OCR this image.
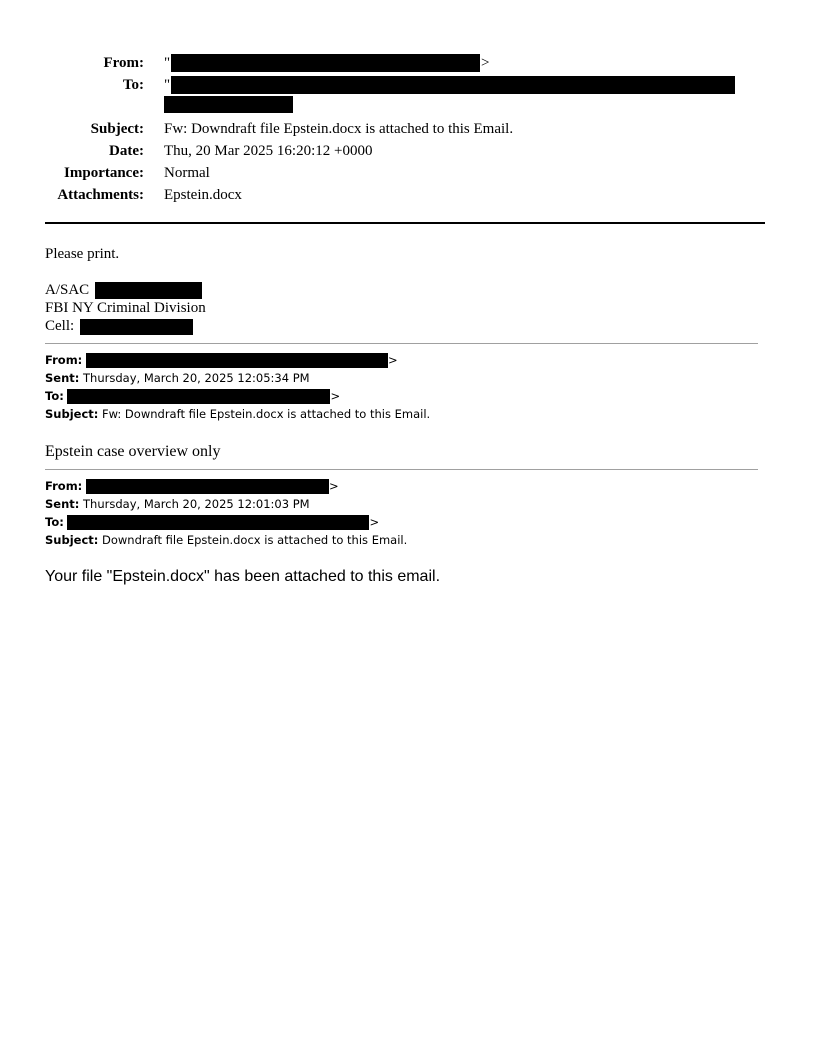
From: "	>
To: "
Subject: Fw: Downdraft file Epstein.docx is attached to this Email.
Date: Thu, 20 Mar 2025 16:20:12 +0000
Importance: Normal
Attachments: Epstein.docx
Please print.
A/SAC
FBI NY Criminal Division
Cell:
From:	>
Sent: Thursday, March 20, 2025 12:05:34 PM
To:	>
Subject: Fw: Downdraft file Epstein.docx is attached to this Email.
Epstein case overview only
From:	>
Sent: Thursday, March 20, 2025 12:01:03 PM
To:	>
Subject: Downdraft file Epstein.docx is attached to this Email.
Your file "Epstein.docx" has been attached to this email.
